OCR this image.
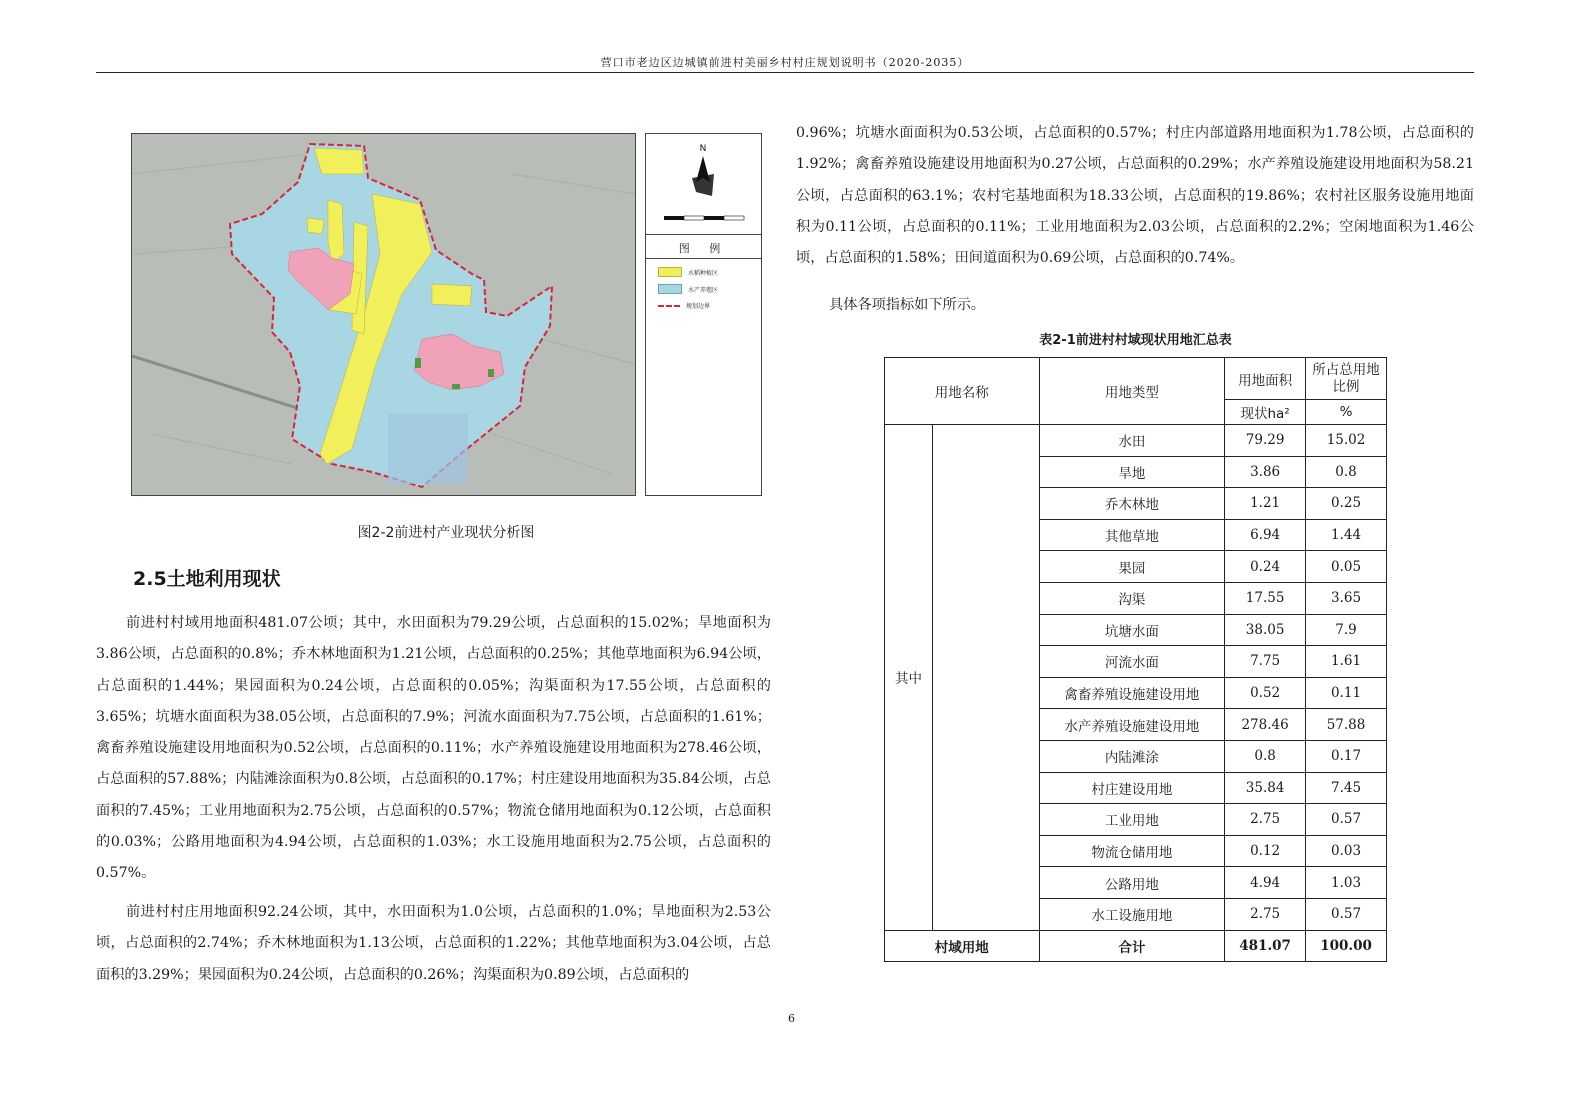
营口市老边区边城镇前进村美丽乡村村庄规划说明书（2020-2035）
N
图 例
水稻种植区
水产养殖区
规划边界
图2-2前进村产业现状分析图
2.5土地利用现状

前进村村域用地面积481.07公顷；其中，水田面积为79.29公顷，占总面积的15.02%；旱地面积为3.86公顷，占总面积的0.8%；乔木林地面积为1.21公顷，占总面积的0.25%；其他草地面积为6.94公顷，占总面积的1.44%；果园面积为0.24公顷，占总面积的0.05%；沟渠面积为17.55公顷，占总面积的3.65%；坑塘水面面积为38.05公顷，占总面积的7.9%；河流水面面积为7.75公顷，占总面积的1.61%；禽畜养殖设施建设用地面积为0.52公顷，占总面积的0.11%；水产养殖设施建设用地面积为278.46公顷，占总面积的57.88%；内陆滩涂面积为0.8公顷，占总面积的0.17%；村庄建设用地面积为35.84公顷，占总面积的7.45%；工业用地面积为2.75公顷，占总面积的0.57%；物流仓储用地面积为0.12公顷，占总面积的0.03%；公路用地面积为4.94公顷，占总面积的1.03%；水工设施用地面积为2.75公顷，占总面积的0.57%。

前进村村庄用地面积92.24公顷，其中，水田面积为1.0公顷，占总面积的1.0%；旱地面积为2.53公顷，占总面积的2.74%；乔木林地面积为1.13公顷，占总面积的1.22%；其他草地面积为3.04公顷，占总面积的3.29%；果园面积为0.24公顷，占总面积的0.26%；沟渠面积为0.89公顷，占总面积的

0.96%；坑塘水面面积为0.53公顷，占总面积的0.57%；村庄内部道路用地面积为1.78公顷，占总面积的1.92%；禽畜养殖设施建设用地面积为0.27公顷，占总面积的0.29%；水产养殖设施建设用地面积为58.21公顷，占总面积的63.1%；农村宅基地面积为18.33公顷，占总面积的19.86%；农村社区服务设施用地面积为0.11公顷，占总面积的0.11%；工业用地面积为2.03公顷，占总面积的2.2%；空闲地面积为1.46公顷，占总面积的1.58%；田间道面积为0.69公顷，占总面积的0.74%。

具体各项指标如下所示。

表2-1前进村村域现状用地汇总表
用地名称		用地类型	用地面积	所占总用地比例
			现状ha²	%
其中		水田	79.29	15.02
		旱地	3.86	0.8
		乔木林地	1.21	0.25
		其他草地	6.94	1.44
		果园	0.24	0.05
		沟渠	17.55	3.65
		坑塘水面	38.05	7.9
		河流水面	7.75	1.61
		禽畜养殖设施建设用地	0.52	0.11
		水产养殖设施建设用地	278.46	57.88
		内陆滩涂	0.8	0.17
		村庄建设用地	35.84	7.45
		工业用地	2.75	0.57
		物流仓储用地	0.12	0.03
		公路用地	4.94	1.03
		水工设施用地	2.75	0.57
村域用地		合计	481.07	100.00
6
